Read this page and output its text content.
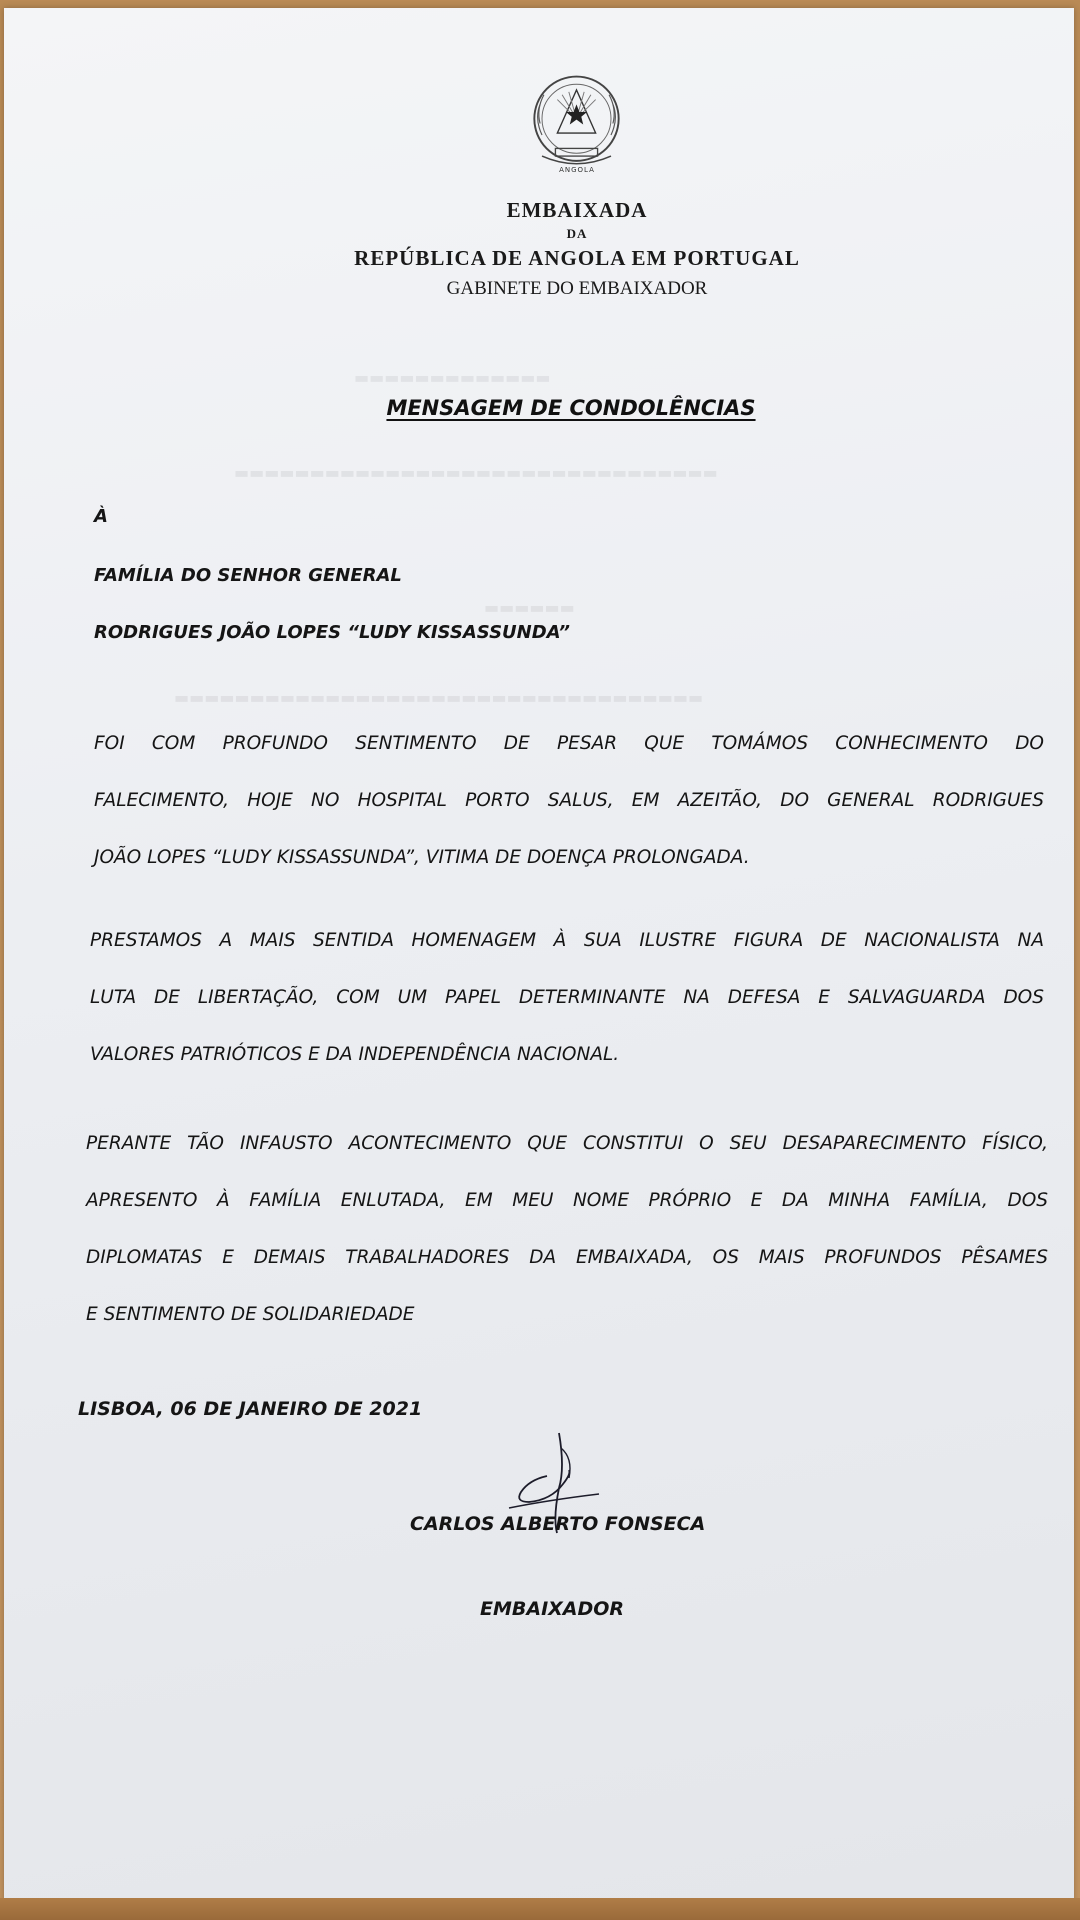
▬▬▬▬▬▬▬▬▬▬▬▬▬
▬▬▬▬▬▬▬▬▬▬▬▬▬▬▬▬▬▬▬▬▬▬▬▬▬▬▬▬▬▬▬▬
▬▬▬▬▬▬
▬▬▬▬▬▬▬▬▬▬▬▬▬▬▬▬▬▬▬▬▬▬▬▬▬▬▬▬▬▬▬▬▬▬▬
ANGOLA
EMBAIXADA
DA
REPÚBLICA DE ANGOLA EM PORTUGAL
GABINETE DO EMBAIXADOR
MENSAGEM DE CONDOLÊNCIAS
À
FAMÍLIA DO SENHOR GENERAL
RODRIGUES JOÃO LOPES “LUDY KISSASSUNDA”
FOI COM PROFUNDO SENTIMENTO DE PESAR QUE TOMÁMOS CONHECIMENTO DO
FALECIMENTO, HOJE NO HOSPITAL PORTO SALUS, EM AZEITÃO, DO GENERAL RODRIGUES
JOÃO LOPES “LUDY KISSASSUNDA”, VITIMA DE DOENÇA PROLONGADA.
PRESTAMOS A MAIS SENTIDA HOMENAGEM À SUA ILUSTRE FIGURA DE NACIONALISTA NA
LUTA DE LIBERTAÇÃO, COM UM PAPEL DETERMINANTE NA DEFESA E SALVAGUARDA DOS
VALORES PATRIÓTICOS E DA INDEPENDÊNCIA NACIONAL.
PERANTE TÃO INFAUSTO ACONTECIMENTO QUE CONSTITUI O SEU DESAPARECIMENTO FÍSICO,
APRESENTO À FAMÍLIA ENLUTADA, EM MEU NOME PRÓPRIO E DA MINHA FAMÍLIA, DOS
DIPLOMATAS E DEMAIS TRABALHADORES DA EMBAIXADA, OS MAIS PROFUNDOS PÊSAMES
E SENTIMENTO DE SOLIDARIEDADE
LISBOA, 06 DE JANEIRO DE 2021
CARLOS ALBERTO FONSECA
EMBAIXADOR
